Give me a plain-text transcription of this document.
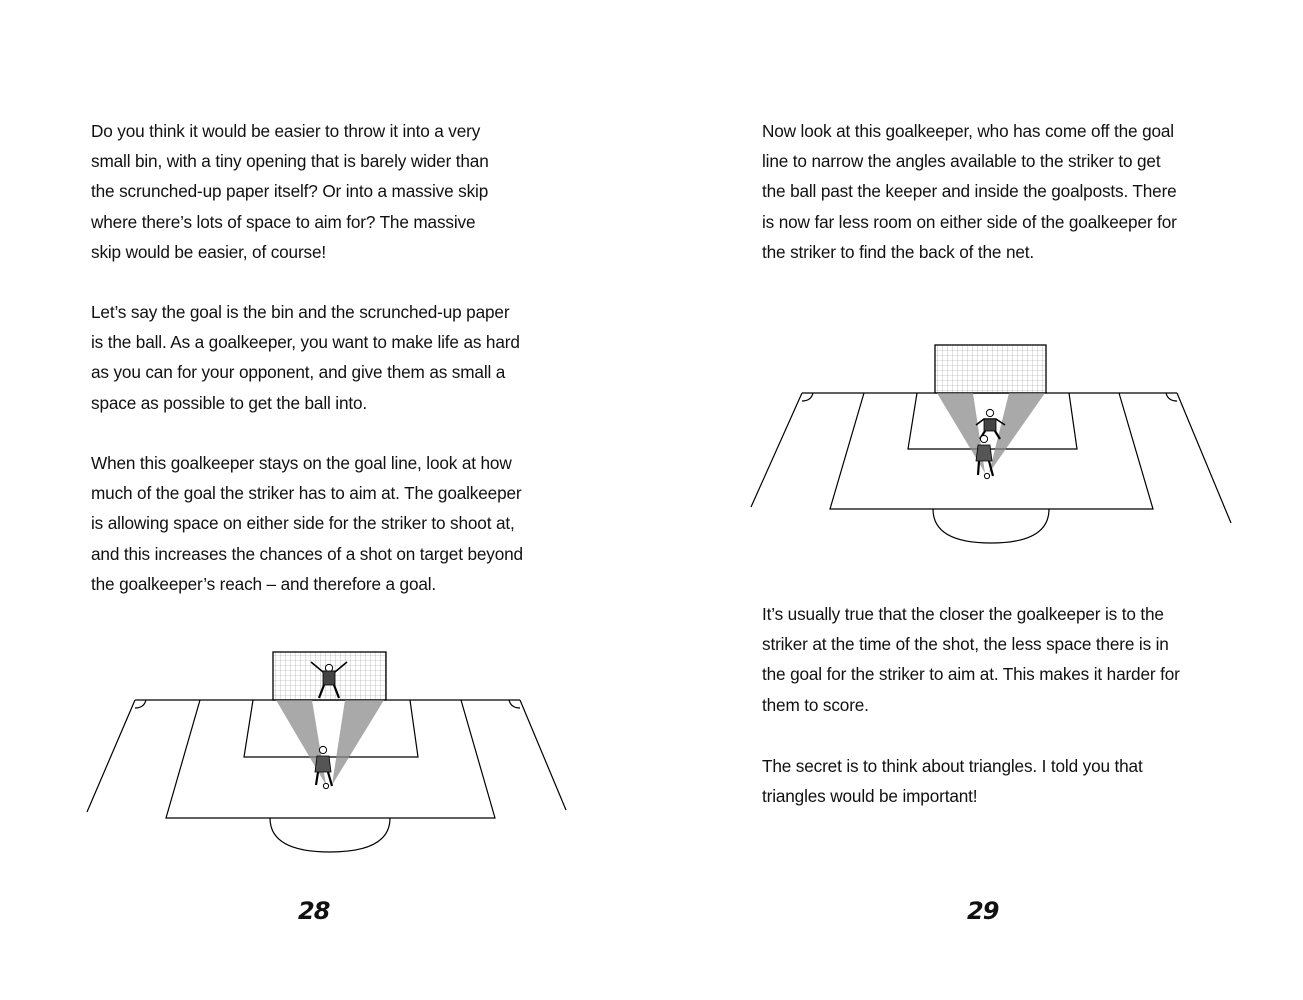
Do you think it would be easier to throw it into a very
small bin, with a tiny opening that is barely wider than
the scrunched-up paper itself? Or into a massive skip
where there’s lots of space to aim for? The massive
skip would be easier, of course!

Let’s say the goal is the bin and the scrunched-up paper
is the ball. As a goalkeeper, you want to make life as hard
as you can for your opponent, and give them as small a
space as possible to get the ball into.

When this goalkeeper stays on the goal line, look at how
much of the goal the striker has to aim at. The goalkeeper
is allowing space on either side for the striker to shoot at,
and this increases the chances of a shot on target beyond
the goalkeeper’s reach – and therefore a goal.

28

Now look at this goalkeeper, who has come off the goal
line to narrow the angles available to the striker to get
the ball past the keeper and inside the goalposts. There
is now far less room on either side of the goalkeeper for
the striker to find the back of the net.

It’s usually true that the closer the goalkeeper is to the
striker at the time of the shot, the less space there is in
the goal for the striker to aim at. This makes it harder for
them to score.

The secret is to think about triangles. I told you that
triangles would be important!

29
